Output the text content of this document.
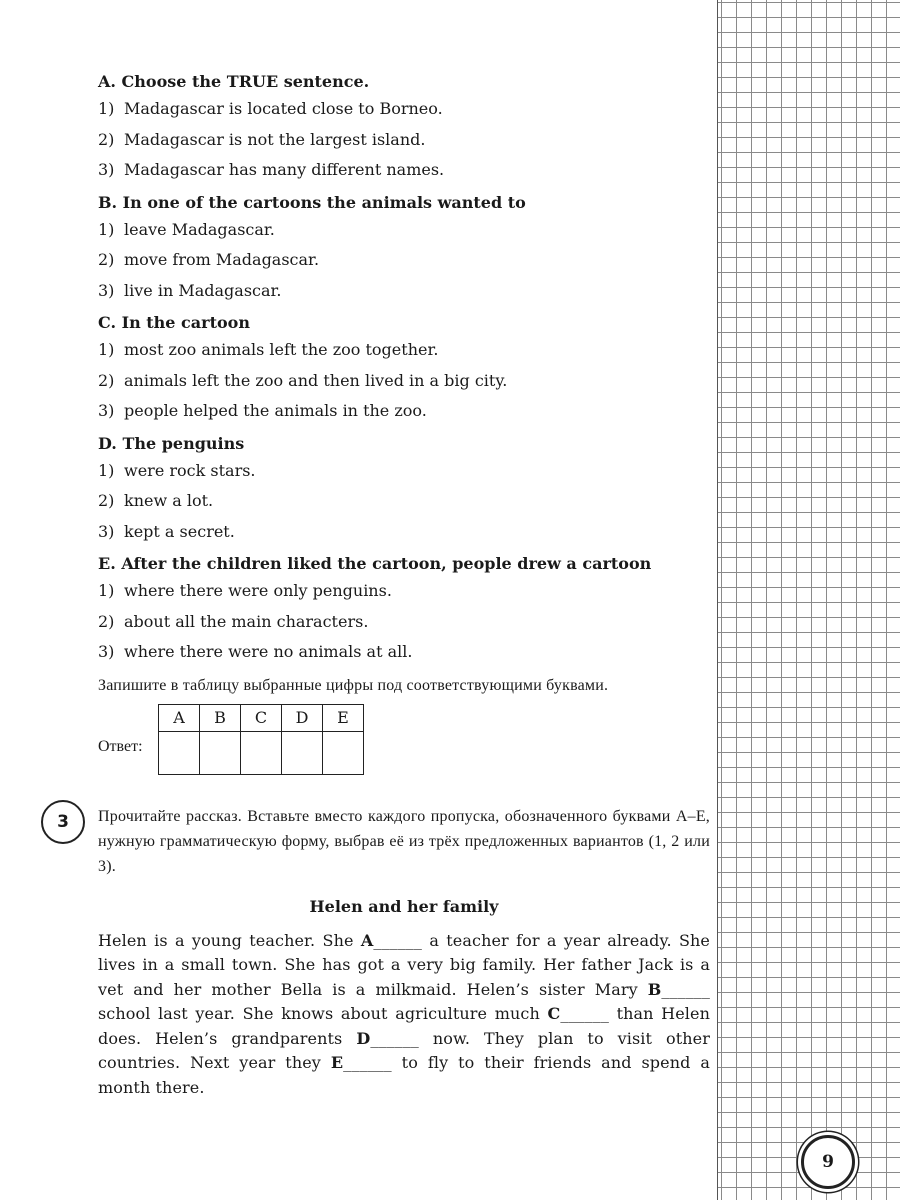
A. Choose the TRUE sentence.

1) Madagascar is located close to Borneo.

2) Madagascar is not the largest island.

3) Madagascar has many different names.

B. In one of the cartoons the animals wanted to

1) leave Madagascar.

2) move from Madagascar.

3) live in Madagascar.

C. In the cartoon

1) most zoo animals left the zoo together.

2) animals left the zoo and then lived in a big city.

3) people helped the animals in the zoo.

D. The penguins

1) were rock stars.

2) knew a lot.

3) kept a secret.

E. After the children liked the cartoon, people drew a cartoon

1) where there were only penguins.

2) about all the main characters.

3) where there were no animals at all.

Запишите в таблицу выбранные цифры под соответствующими буквами.

Ответ:
A	B	C	D	E

3	Прочитайте рассказ. Вставьте вместо каждого пропуска, обозначенного буквами А–Е, нужную грамматическую форму, выбрав её из трёх предложенных вариантов (1, 2 или 3).

Helen and her family

Helen is a young teacher. She A______ a teacher for a year already. She lives in a small town. She has got a very big family. Her father Jack is a vet and her mother Bella is a milkmaid. Helen’s sister Mary B______ school last year. She knows about agriculture much C______ than Helen does. Helen’s grandparents D______ now. They plan to visit other countries. Next year they E______ to fly to their friends and spend a month there.

9
